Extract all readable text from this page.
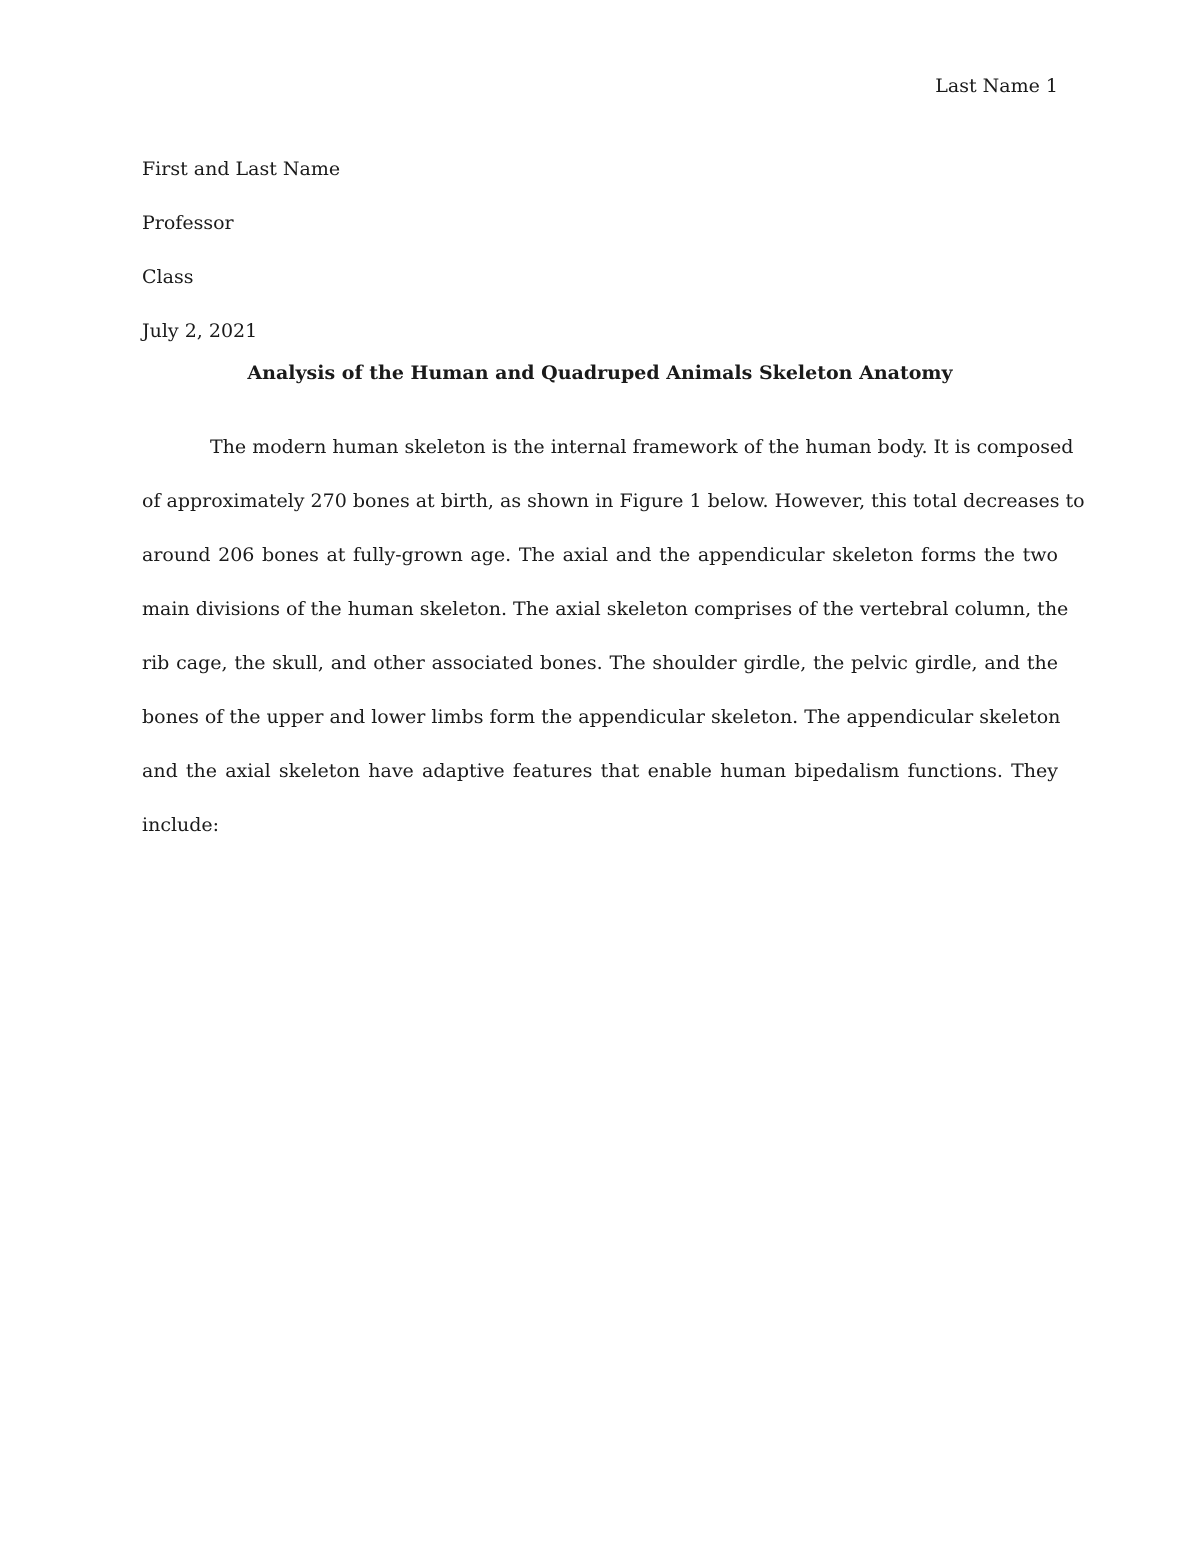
Last Name 1
First and Last Name
Professor
Class
July 2, 2021
Analysis of the Human and Quadruped Animals Skeleton Anatomy
The modern human skeleton is the internal framework of the human body. It is composed
of approximately 270 bones at birth, as shown in Figure 1 below. However, this total decreases to
around 206 bones at fully-grown age. The axial and the appendicular skeleton forms the two
main divisions of the human skeleton. The axial skeleton comprises of the vertebral column, the
rib cage, the skull, and other associated bones. The shoulder girdle, the pelvic girdle, and the
bones of the upper and lower limbs form the appendicular skeleton. The appendicular skeleton
and the axial skeleton have adaptive features that enable human bipedalism functions. They
include:
